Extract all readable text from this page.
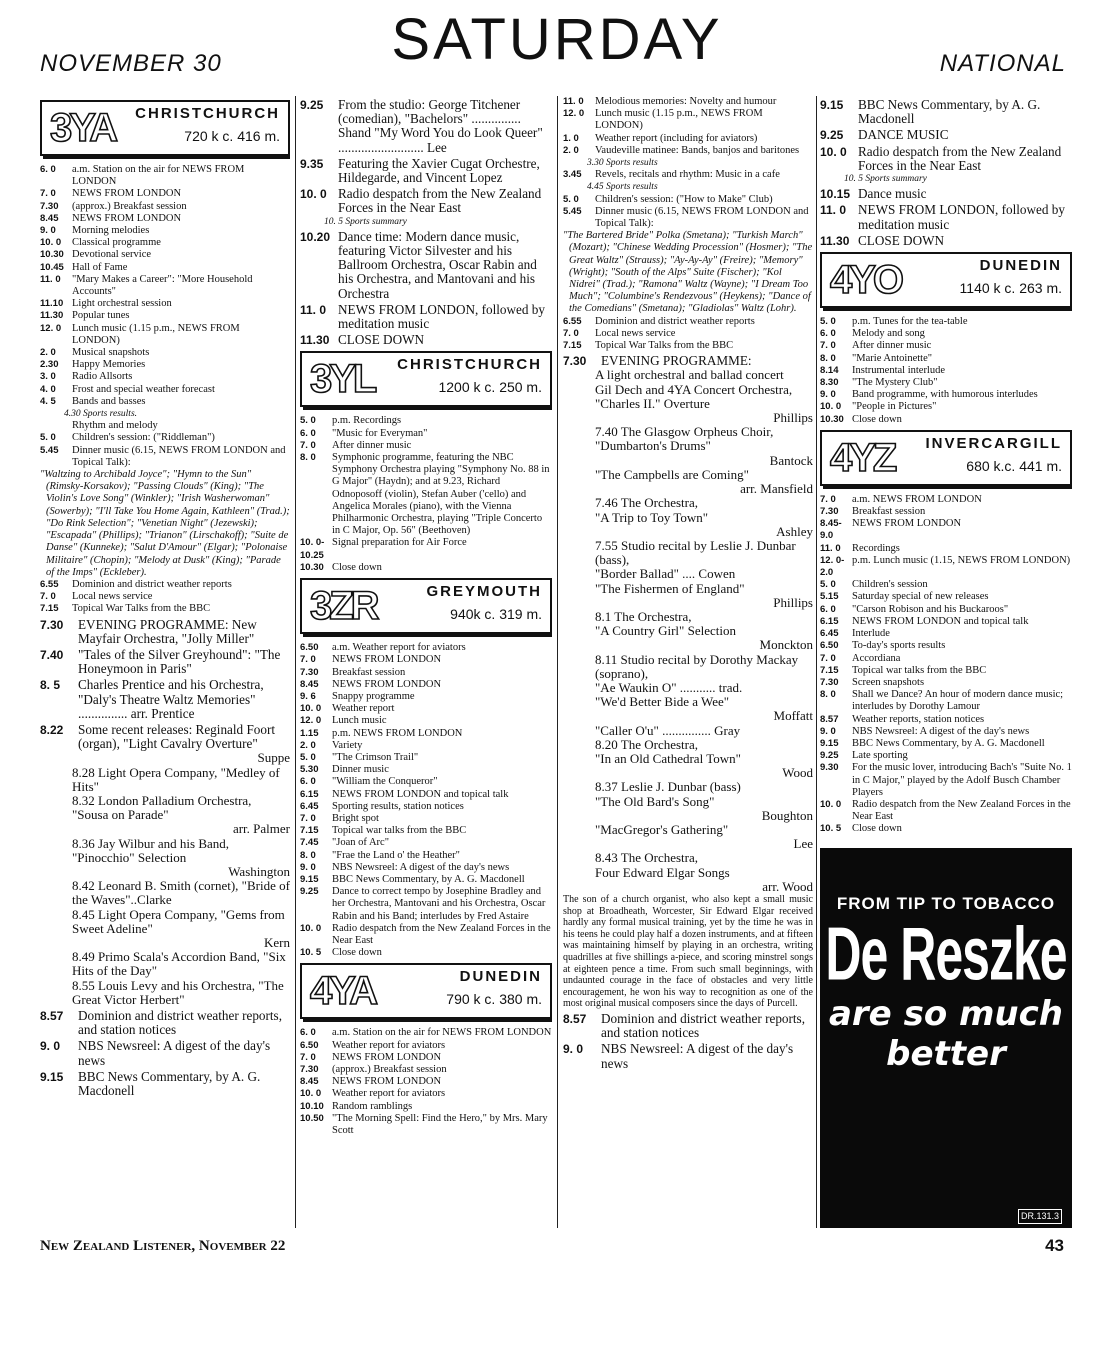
NOVEMBER 30	SATURDAY	NATIONAL
3YA CHRISTCHURCH
720 k c. 416 m.
6. 0	a.m. Station on the air for NEWS FROM LONDON
7. 0	NEWS FROM LONDON
7.30	(approx.) Breakfast session
8.45	NEWS FROM LONDON
9. 0	Morning melodies
10. 0	Classical programme
10.30 Devotional service
10.45 Hall of Fame
11. 0	"Mary Makes a Career": "More Household Accounts"
11.10 Light orchestral session
11.30 Popular tunes
12. 0	Lunch music (1.15 p.m., NEWS FROM LONDON)
2. 0	Musical snapshots
2.30	Happy Memories
3. 0	Radio Allsorts
4. 0	Frost and special weather forecast
4. 5	Bands and basses
4.30 Sports results.
Rhythm and melody
5. 0	Children's session: ("Riddleman")
5.45	Dinner music (6.15, NEWS FROM LONDON and Topical Talk):
"Waltzing to Archibald Joyce"; "Hymn to the Sun" (Rimsky-Korsakov); "Passing Clouds" (King); "The Violin's Love Song" (Winkler); "Irish Washerwoman" (Sowerby); "I'll Take You Home Again, Kathleen" (Trad.); "Do Rink Selection"; "Venetian Night" (Jezewski); "Escapada" (Phillips); "Trianon" (Lirschakoff); "Suite de Danse" (Kunneke); "Salut D'Amour" (Elgar); "Polonaise Militaire" (Chopin); "Melody at Dusk" (King); "Parade of the Imps" (Eckleber).
6.55	Dominion and district weather reports
7. 0	Local news service
7.15	Topical War Talks from the BBC
7.30	EVENING PROGRAMME: New Mayfair Orchestra, "Jolly Miller"
7.40	"Tales of the Silver Greyhound": "The Honeymoon in Paris"
8. 5	Charles Prentice and his Orchestra, "Daly's Theatre Waltz Memories" ............... arr. Prentice
8.22	Some recent releases: Reginald Foort (organ), "Light Cavalry Overture"
Suppe
8.28 Light Opera Company, "Medley of Hits"
8.32 London Palladium Orchestra, "Sousa on Parade"
arr. Palmer
8.36 Jay Wilbur and his Band, "Pinocchio" Selection
Washington
8.42 Leonard B. Smith (cornet), "Bride of the Waves"..Clarke
8.45 Light Opera Company, "Gems from Sweet Adeline"
Kern
8.49 Primo Scala's Accordion Band, "Six Hits of the Day"
8.55 Louis Levy and his Orchestra, "The Great Victor Herbert"
8.57	Dominion and district weather reports, and station notices
9. 0	NBS Newsreel: A digest of the day's news
9.15	BBC News Commentary, by A. G. Macdonell
9.25	From the studio: George Titchener (comedian), "Bachelors" ............... Shand "My Word You do Look Queer" .......................... Lee
9.35	Featuring the Xavier Cugat Orchestre, Hildegarde, and Vincent Lopez
10. 0 Radio despatch from the New Zealand Forces in the Near East
10. 5 Sports summary
10.20 Dance time: Modern dance music, featuring Victor Silvester and his Ballroom Orchestra, Oscar Rabin and his Orchestra, and Mantovani and his Orchestra
11. 0 NEWS FROM LONDON, followed by meditation music
11.30 CLOSE DOWN
3YL CHRISTCHURCH
1200 k c. 250 m.
5. 0	p.m. Recordings
6. 0	"Music for Everyman"
7. 0	After dinner music
8. 0	Symphonic programme, featuring the NBC Symphony Orchestra playing "Symphony No. 88 in G Major" (Haydn); and at 9.23, Richard Odnoposoff (violin), Stefan Auber ('cello) and Angelica Morales (piano), with the Vienna Philharmonic Orchestra, playing "Triple Concerto in C Major, Op. 56" (Beethoven)
10. 0-10.25
Signal preparation for Air Force
10.30 Close down
3ZR	GREYMOUTH
940k c. 319 m.
6.50	a.m. Weather report for aviators
7. 0	NEWS FROM LONDON
7.30	Breakfast session
8.45	NEWS FROM LONDON
9. 6	Snappy programme
10. 0	Weather report
12. 0	Lunch music
1.15	p.m. NEWS FROM LONDON
2. 0	Variety
5. 0	"The Crimson Trail"
5.30	Dinner music
6. 0	"William the Conqueror"
6.15	NEWS FROM LONDON and topical talk
6.45	Sporting results, station notices
7. 0	Bright spot
7.15	Topical war talks from the BBC
7.45	"Joan of Arc"
8. 0	"Frae the Land o' the Heather"
9. 0	NBS Newsreel: A digest of the day's news
9.15	BBC News Commentary, by A. G. Macdonell
9.25	Dance to correct tempo by Josephine Bradley and her Orchestra, Mantovani and his Orchestra, Oscar Rabin and his Band; interludes by Fred Astaire
10. 0	Radio despatch from the New Zealand Forces in the Near East
10. 5	Close down
4YA	DUNEDIN
790 k c. 380 m.
6. 0	a.m. Station on the air for NEWS FROM LONDON
6.50	Weather report for aviators
7. 0	NEWS FROM LONDON
7.30	(approx.) Breakfast session
8.45	NEWS FROM LONDON
10. 0	Weather report for aviators
10.10 Random ramblings
10.50 "The Morning Spell: Find the Hero," by Mrs. Mary Scott
11. 0	Melodious memories: Novelty and humour
12. 0	Lunch music (1.15 p.m., NEWS FROM LONDON)
1. 0	Weather report (including for aviators)
2. 0	Vaudeville matinee: Bands, banjos and baritones
3.30 Sports results
3.45	Revels, recitals and rhythm: Music in a cafe
4.45 Sports results
5. 0	Children's session: ("How to Make" Club)
5.45	Dinner music (6.15, NEWS FROM LONDON and Topical Talk):
"The Bartered Bride" Polka (Smetana); "Turkish March" (Mozart); "Chinese Wedding Procession" (Hosmer); "The Great Waltz" (Strauss); "Ay-Ay-Ay" (Freire); "Memory" (Wright); "South of the Alps" Suite (Fischer); "Kol Nidrei" (Trad.); "Ramona" Waltz (Wayne); "I Dream Too Much"; "Columbine's Rendezvous" (Heykens); "Dance of the Comedians" (Smetana); "Gladiolas" Waltz (Lohr).
6.55	Dominion and district weather reports
7. 0	Local news service
7.15	Topical War Talks from the BBC
7.30	EVENING PROGRAMME:
A light orchestral and ballad concert
Gil Dech and 4YA Concert Orchestra,
"Charles II." Overture
Phillips
7.40 The Glasgow Orpheus Choir,
"Dumbarton's Drums"
Bantock
"The Campbells are Coming"
arr. Mansfield
7.46 The Orchestra,
"A Trip to Toy Town"
Ashley
7.55 Studio recital by Leslie J. Dunbar (bass),
"Border Ballad" .... Cowen
"The Fishermen of England"
Phillips
8.1 The Orchestra,
"A Country Girl" Selection
Monckton
8.11 Studio recital by Dorothy Mackay (soprano),
"Ae Waukin O" ........... trad.
"We'd Better Bide a Wee"
Moffatt
"Caller O'u" ............... Gray
8.20 The Orchestra,
"In an Old Cathedral Town"
Wood
8.37 Leslie J. Dunbar (bass)
"The Old Bard's Song"
Boughton
"MacGregor's Gathering"
Lee
8.43 The Orchestra,
Four Edward Elgar Songs
arr. Wood
The son of a church organist, who also kept a small music shop at Broadheath, Worcester, Sir Edward Elgar received hardly any formal musical training, yet by the time he was in his teens he could play half a dozen instruments, and at fifteen was maintaining himself by playing in an orchestra, writing quadrilles at five shillings a-piece, and scoring minstrel songs at eighteen pence a time. From such small beginnings, with undaunted courage in the face of obstacles and very little encouragement, he won his way to recognition as one of the most original musical composers since the days of Purcell.
8.57	Dominion and district weather reports, and station notices
9. 0	NBS Newsreel: A digest of the day's news
9.15	BBC News Commentary, by A. G. Macdonell
9.25	DANCE MUSIC
10. 0 Radio despatch from the New Zealand Forces in the Near East
10. 5 Sports summary
10.15 Dance music
11. 0 NEWS FROM LONDON, followed by meditation music
11.30 CLOSE DOWN
4YO	DUNEDIN
1140 k c. 263 m.
5. 0	p.m. Tunes for the tea-table
6. 0	Melody and song
7. 0	After dinner music
8. 0	"Marie Antoinette"
8.14	Instrumental interlude
8.30	"The Mystery Club"
9. 0	Band programme, with humorous interludes
10. 0	"People in Pictures"
10.30 Close down
4YZ INVERCARGILL
680 k.c. 441 m.
7. 0	a.m. NEWS FROM LONDON
7.30	Breakfast session
8.45-9.0
NEWS FROM LONDON
11. 0	Recordings
12. 0-2.0
p.m. Lunch music (1.15, NEWS FROM LONDON)
5. 0	Children's session
5.15	Saturday special of new releases
6. 0	"Carson Robison and his Buckaroos"
6.15	NEWS FROM LONDON and topical talk
6.45	Interlude
6.50	To-day's sports results
7. 0	Accordiana
7.15	Topical war talks from the BBC
7.30	Screen snapshots
8. 0	Shall we Dance? An hour of modern dance music; interludes by Dorothy Lamour
8.57	Weather reports, station notices
9. 0	NBS Newsreel: A digest of the day's news
9.15	BBC News Commentary, by A. G. Macdonell
9.25	Late sporting
9.30	For the music lover, introducing Bach's "Suite No. 1 in C Major," played by the Adolf Busch Chamber Players
10. 0	Radio despatch from the New Zealand Forces in the Near East
10. 5	Close down
FROM TIP TO TOBACCO
De Reszke
are so much
better
DR.131.3
New Zealand Listener, November 22	43
